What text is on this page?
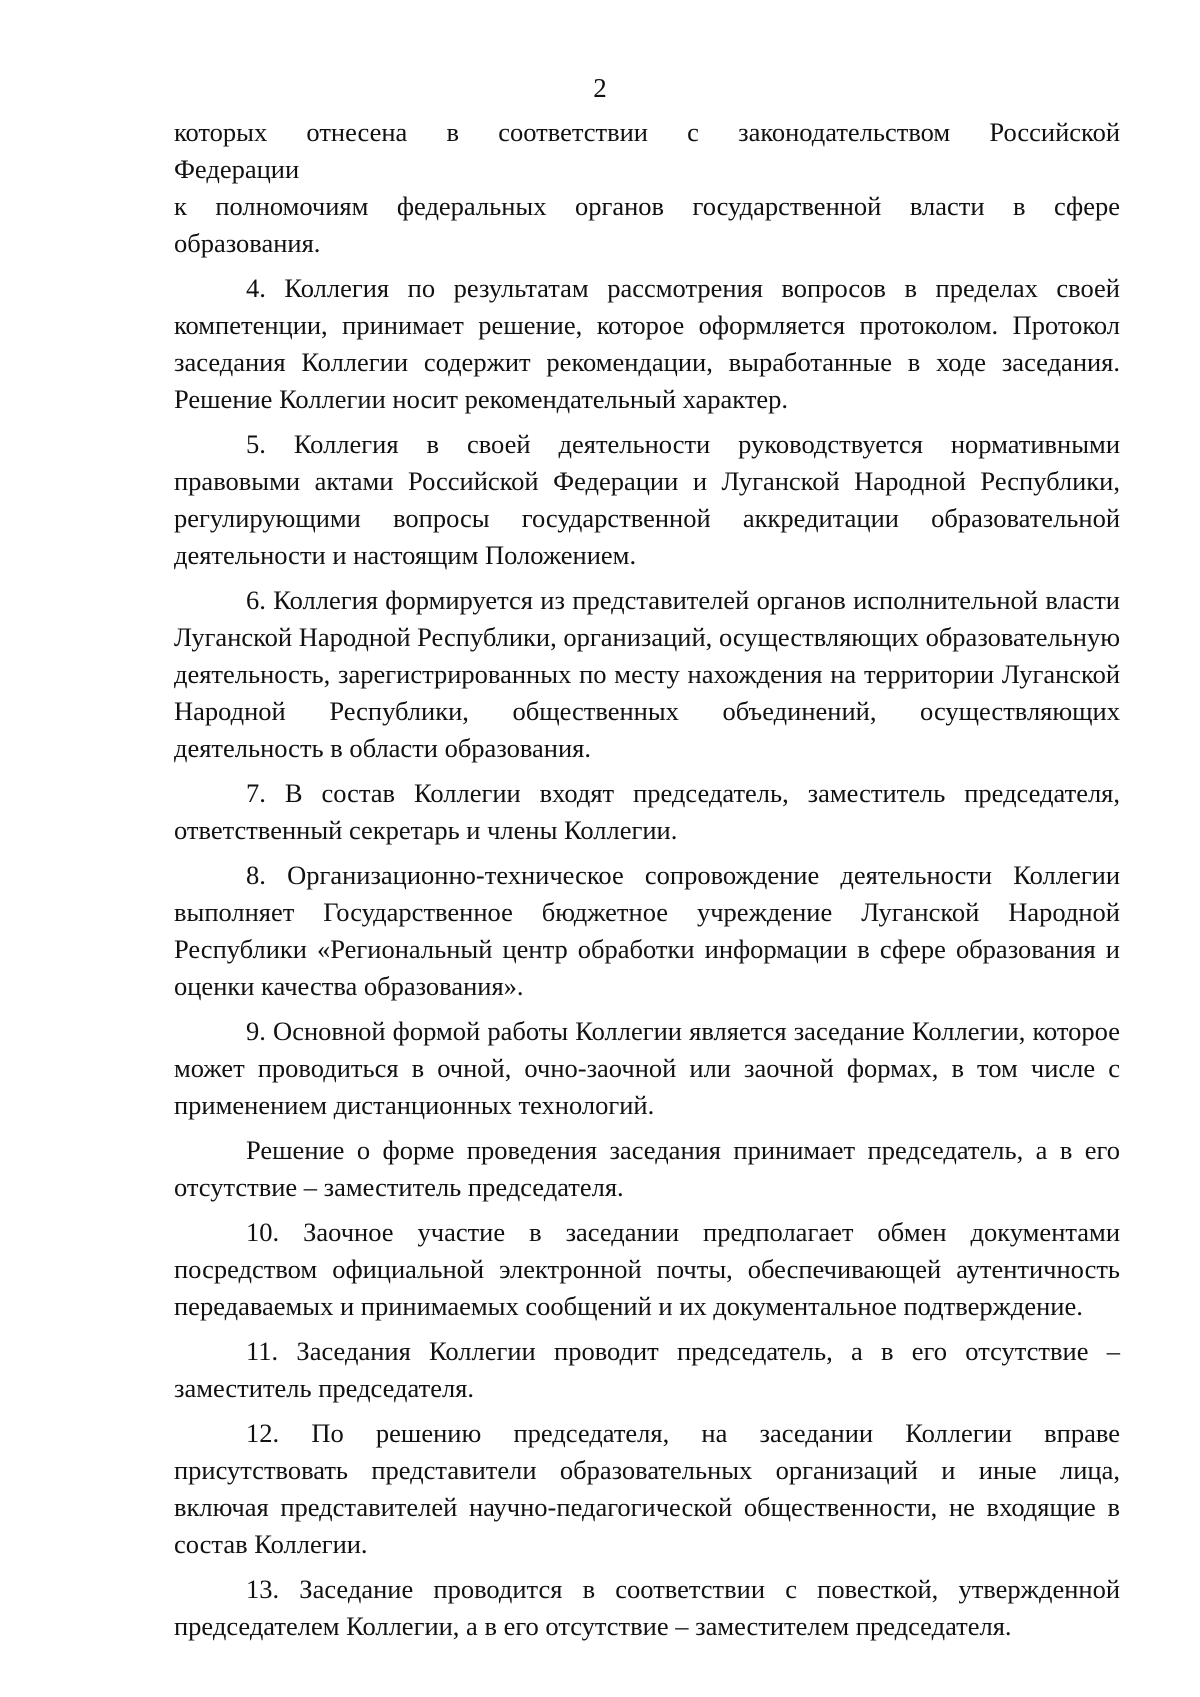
2

которых отнесена в соответствии с законодательством Российской

Федерации

к полномочиям федеральных органов государственной власти в сфере

образования.

4. Коллегия по результатам рассмотрения вопросов в пределах своей компетенции, принимает решение, которое оформляется протоколом. Протокол заседания Коллегии содержит рекомендации, выработанные в ходе заседания. Решение Коллегии носит рекомендательный характер.

5. Коллегия в своей деятельности руководствуется нормативными правовыми актами Российской Федерации и Луганской Народной Республики, регулирующими вопросы государственной аккредитации образовательной деятельности и настоящим Положением.

6. Коллегия формируется из представителей органов исполнительной власти Луганской Народной Республики, организаций, осуществляющих образовательную деятельность, зарегистрированных по месту нахождения на территории Луганской Народной Республики, общественных объединений, осуществляющих деятельность в области образования.

7. В состав Коллегии входят председатель, заместитель председателя, ответственный секретарь и члены Коллегии.

8. Организационно-техническое сопровождение деятельности Коллегии выполняет Государственное бюджетное учреждение Луганской Народной Республики «Региональный центр обработки информации в сфере образования и оценки качества образования».

9. Основной формой работы Коллегии является заседание Коллегии, которое может проводиться в очной, очно-заочной или заочной формах, в том числе с применением дистанционных технологий.

Решение о форме проведения заседания принимает председатель, а в его отсутствие – заместитель председателя.

10. Заочное участие в заседании предполагает обмен документами посредством официальной электронной почты, обеспечивающей аутентичность передаваемых и принимаемых сообщений и их документальное подтверждение.

11. Заседания Коллегии проводит председатель, а в его отсутствие – заместитель председателя.

12. По решению председателя, на заседании Коллегии вправе присутствовать представители образовательных организаций и иные лица, включая представителей научно-педагогической общественности, не входящие в состав Коллегии.

13. Заседание проводится в соответствии с повесткой, утвержденной председателем Коллегии, а в его отсутствие – заместителем председателя.
